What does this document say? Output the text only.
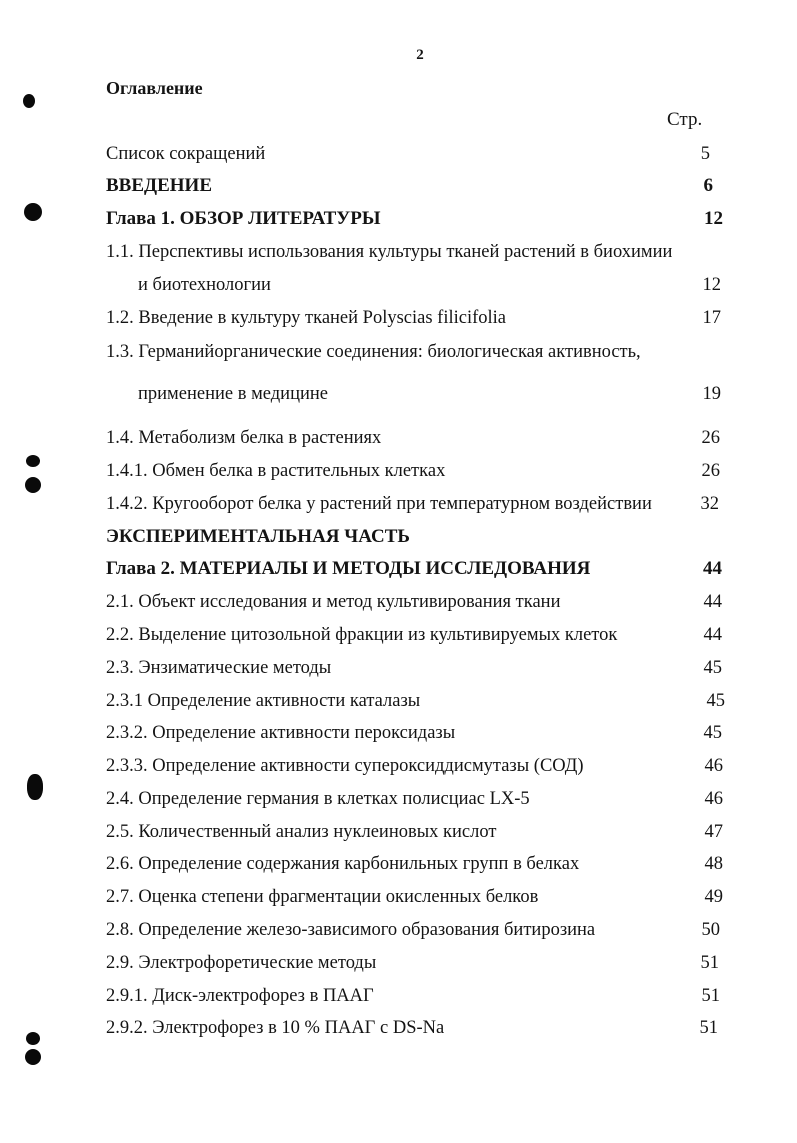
2
Оглавление
Стр.
Список сокращений	5
ВВЕДЕНИЕ	6
Глава 1. ОБЗОР ЛИТЕРАТУРЫ	12
1.1. Перспективы использования культуры тканей растений в биохимии
и биотехнологии	12
1.2. Введение в культуру тканей Polyscias filicifolia	17
1.3. Германийорганические соединения: биологическая активность,
применение в медицине	19
1.4. Метаболизм белка в растениях	26
1.4.1. Обмен белка в растительных клетках	26
1.4.2. Кругооборот белка у растений при температурном воздействии	32
ЭКСПЕРИМЕНТАЛЬНАЯ ЧАСТЬ
Глава 2. МАТЕРИАЛЫ И МЕТОДЫ ИССЛЕДОВАНИЯ	44
2.1. Объект исследования и метод культивирования ткани	44
2.2. Выделение цитозольной фракции из культивируемых клеток	44
2.3. Энзиматические методы	45
2.3.1 Определение активности каталазы	45
2.3.2. Определение активности пероксидазы	45
2.3.3. Определение активности супероксиддисмутазы (СОД)	46
2.4. Определение германия в клетках полисциас LX-5	46
2.5. Количественный анализ нуклеиновых кислот	47
2.6. Определение содержания карбонильных групп в белках	48
2.7. Оценка степени фрагментации окисленных белков	49
2.8. Определение железо-зависимого образования битирозина	50
2.9. Электрофоретические методы	51
2.9.1. Диск-электрофорез в ПААГ	51
2.9.2. Электрофорез в 10 % ПААГ с DS-Na	51
